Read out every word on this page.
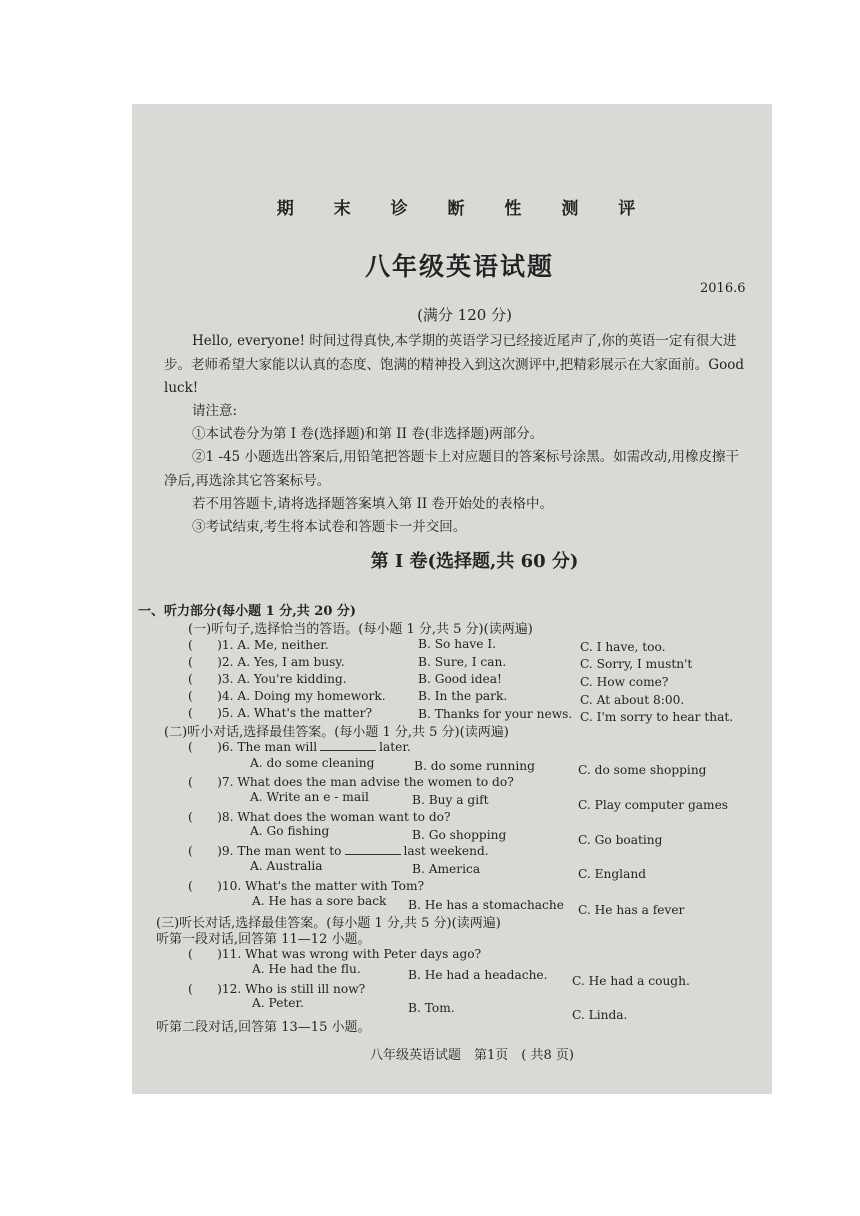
期 末 诊 断 性 测 评
八年级英语试题
2016.6
(满分 120 分)
Hello, everyone! 时间过得真快,本学期的英语学习已经接近尾声了,你的英语一定有很大进步。老师希望大家能以认真的态度、饱满的精神投入到这次测评中,把精彩展示在大家面前。Good luck!
请注意:
①本试卷分为第 I 卷(选择题)和第 II 卷(非选择题)两部分。
②1 -45 小题选出答案后,用铅笔把答题卡上对应题目的答案标号涂黑。如需改动,用橡皮擦干净后,再选涂其它答案标号。
若不用答题卡,请将选择题答案填入第 II 卷开始处的表格中。
③考试结束,考生将本试卷和答题卡一并交回。
第 I 卷(选择题,共 60 分)
一、听力部分(每小题 1 分,共 20 分)
(一)听句子,选择恰当的答语。(每小题 1 分,共 5 分)(读两遍)
(　　)1. A. Me, neither.	B. So have I.	C. I have, too.
(　　)2. A. Yes, I am busy.	B. Sure, I can.	C. Sorry, I mustn't
(　　)3. A. You're kidding.	B. Good idea!	C. How come?
(　　)4. A. Doing my homework.	B. In the park.	C. At about 8:00.
(　　)5. A. What's the matter?	B. Thanks for your news. C. I'm sorry to hear that.
(二)听小对话,选择最佳答案。(每小题 1 分,共 5 分)(读两遍)
(　　)6. The man will	later.
A. do some cleaning	B. do some running	C. do some shopping
(　　)7. What does the man advise the women to do?
A. Write an e - mail	B. Buy a gift	C. Play computer games
(　　)8. What does the woman want to do?
A. Go fishing	B. Go shopping	C. Go boating
(　　)9. The man went to	last weekend.
A. Australia	B. America	C. England
(　　)10. What's the matter with Tom?
A. He has a sore back B. He has a stomachache C. He has a fever
(三)听长对话,选择最佳答案。(每小题 1 分,共 5 分)(读两遍)
听第一段对话,回答第 11—12 小题。
(　　)11. What was wrong with Peter days ago?
A. He had the flu.	B. He had a headache. C. He had a cough.
(　　)12. Who is still ill now?
A. Peter.	B. Tom.	C. Linda.
听第二段对话,回答第 13—15 小题。
八年级英语试题　第1页　( 共8 页)
